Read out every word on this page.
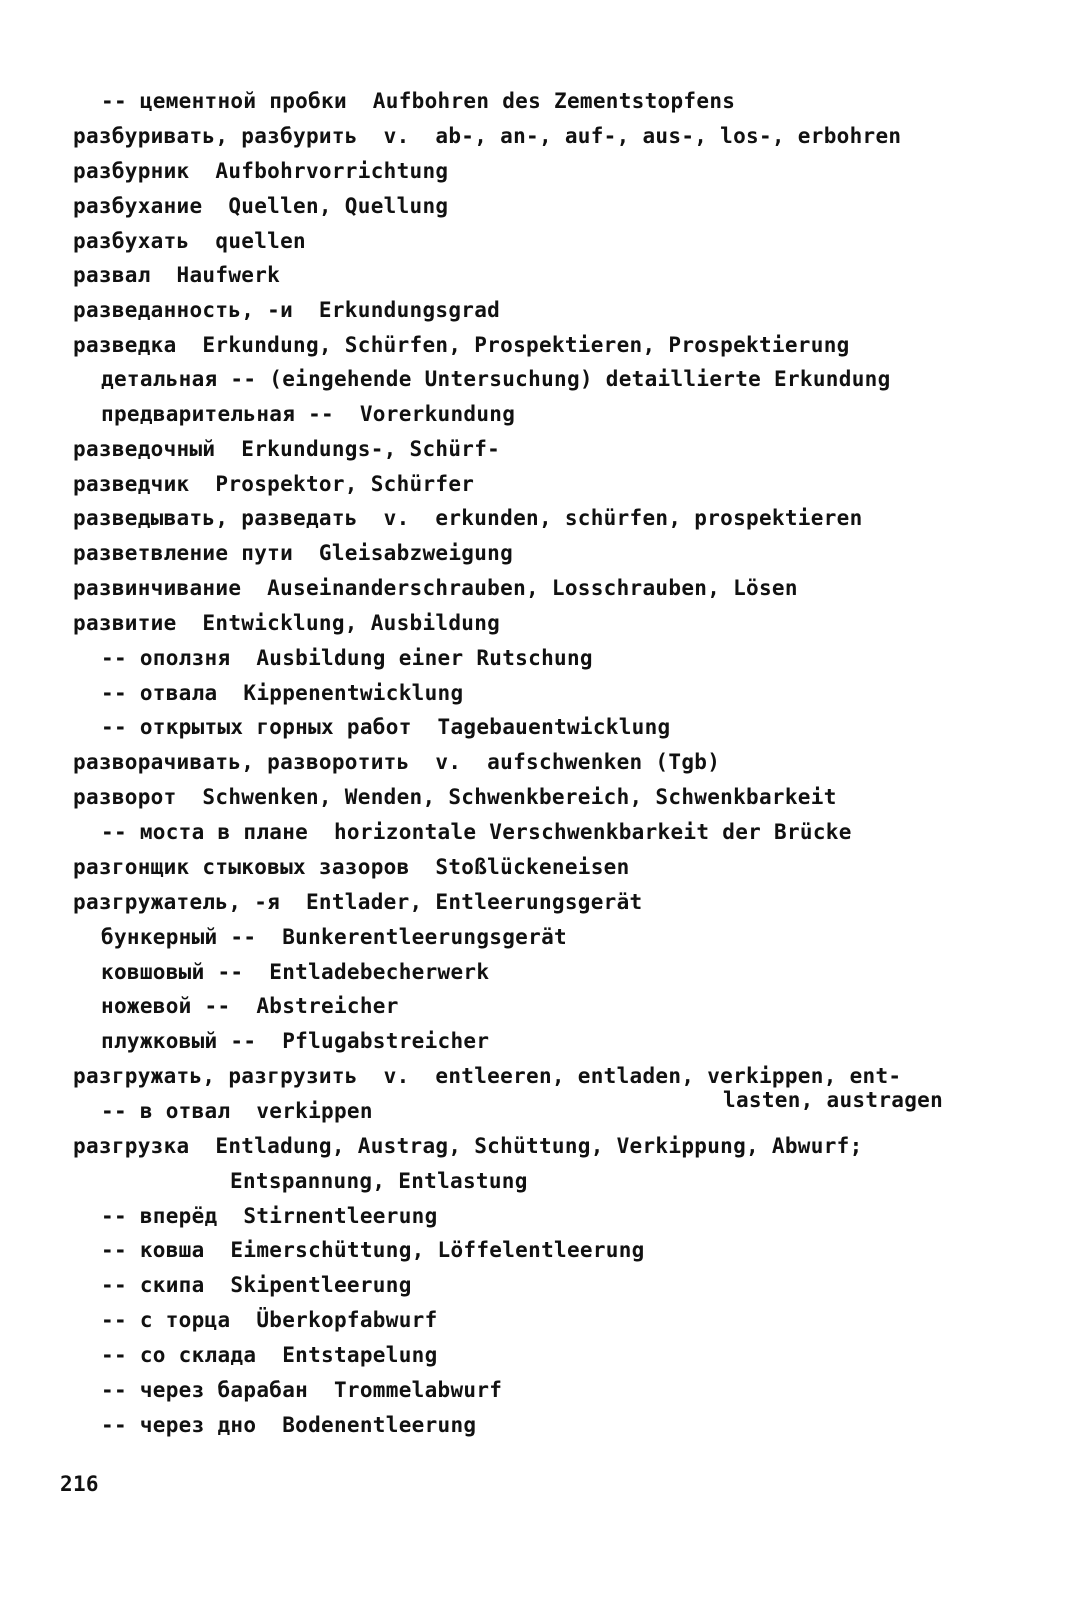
-- цементной пробки  Aufbohren des Zementstopfens
разбуривать, разбурить  v.  ab-, an-, auf-, aus-, los-, erbohren
разбурник  Aufbohrvorrichtung
разбухание  Quellen, Quellung
разбухать  quellen
развал  Haufwerk
разведанность, -и  Erkundungsgrad
разведка  Erkundung, Schürfen, Prospektieren, Prospektierung
детальная -- (eingehende Untersuchung) detaillierte Erkundung
предварительная --  Vorerkundung
разведочный  Erkundungs-, Schürf-
разведчик  Prospektor, Schürfer
разведывать, разведать  v.  erkunden, schürfen, prospektieren
разветвление пути  Gleisabzweigung
развинчивание  Auseinanderschrauben, Losschrauben, Lösen
развитие  Entwicklung, Ausbildung
-- оползня  Ausbildung einer Rutschung
-- отвала  Kippenentwicklung
-- открытых горных работ  Tagebauentwicklung
разворачивать, развоpотить  v.  aufschwenken (Tgb)
разворот  Schwenken, Wenden, Schwenkbereich, Schwenkbarkeit
-- моста в плане  horizontale Verschwenkbarkeit der Brücke
разгонщик стыковых зазоров  Stoßlückeneisen
разгружатель, -я  Entlader, Entleerungsgerät
бункерный --  Bunkerentleerungsgerät
ковшовый --  Entladebecherwerk
ножевой --  Abstreicher
плужковый --  Pflugabstreicher
разгружать, разгрузить  v.  entleeren, entladen, verkippen, ent-
-- в отвал  verkippen	lasten, austragen
разгрузка  Entladung, Austrag, Schüttung, Verkippung, Abwurf;
Entspannung, Entlastung
-- вперёд  Stirnentleerung
-- ковша  Eimerschüttung, Löffelentleerung
-- скипа  Skipentleerung
-- с торца  Überkopfabwurf
-- со склада  Entstapelung
-- через барабан  Trommelabwurf
-- через дно  Bodenentleerung
216
